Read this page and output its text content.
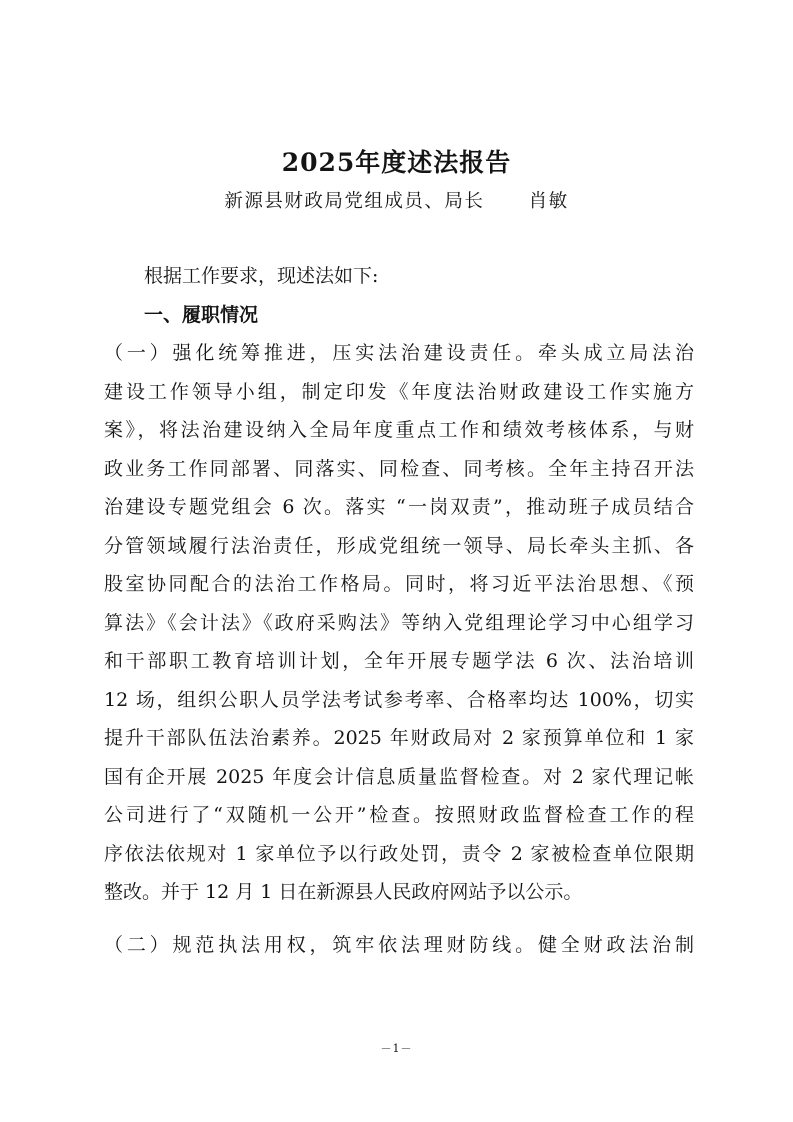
2025年度述法报告
新源县财政局党组成员、局长      肖敏
根据工作要求，现述法如下:
一、履职情况
（一）强化统筹推进，压实法治建设责任。牵头成立局法治
建设工作领导小组，制定印发《年度法治财政建设工作实施方
案》，将法治建设纳入全局年度重点工作和绩效考核体系，与财
政业务工作同部署、同落实、同检查、同考核。全年主持召开法
治建设专题党组会 6 次。落实 “一岗双责”，推动班子成员结合
分管领域履行法治责任，形成党组统一领导、局长牵头主抓、各
股室协同配合的法治工作格局。同时，将习近平法治思想、《预
算法》《会计法》《政府采购法》等纳入党组理论学习中心组学习
和干部职工教育培训计划，全年开展专题学法 6 次、法治培训
12 场，组织公职人员学法考试参考率、合格率均达 100%，切实
提升干部队伍法治素养。2025 年财政局对 2 家预算单位和 1 家
国有企开展 2025 年度会计信息质量监督检查。对 2 家代理记帐
公司进行了“双随机一公开”检查。按照财政监督检查工作的程
序依法依规对 1 家单位予以行政处罚，责令 2 家被检查单位限期
整改。并于 12 月 1 日在新源县人民政府网站予以公示。
（二）规范执法用权，筑牢依法理财防线。健全财政法治制
－1－
